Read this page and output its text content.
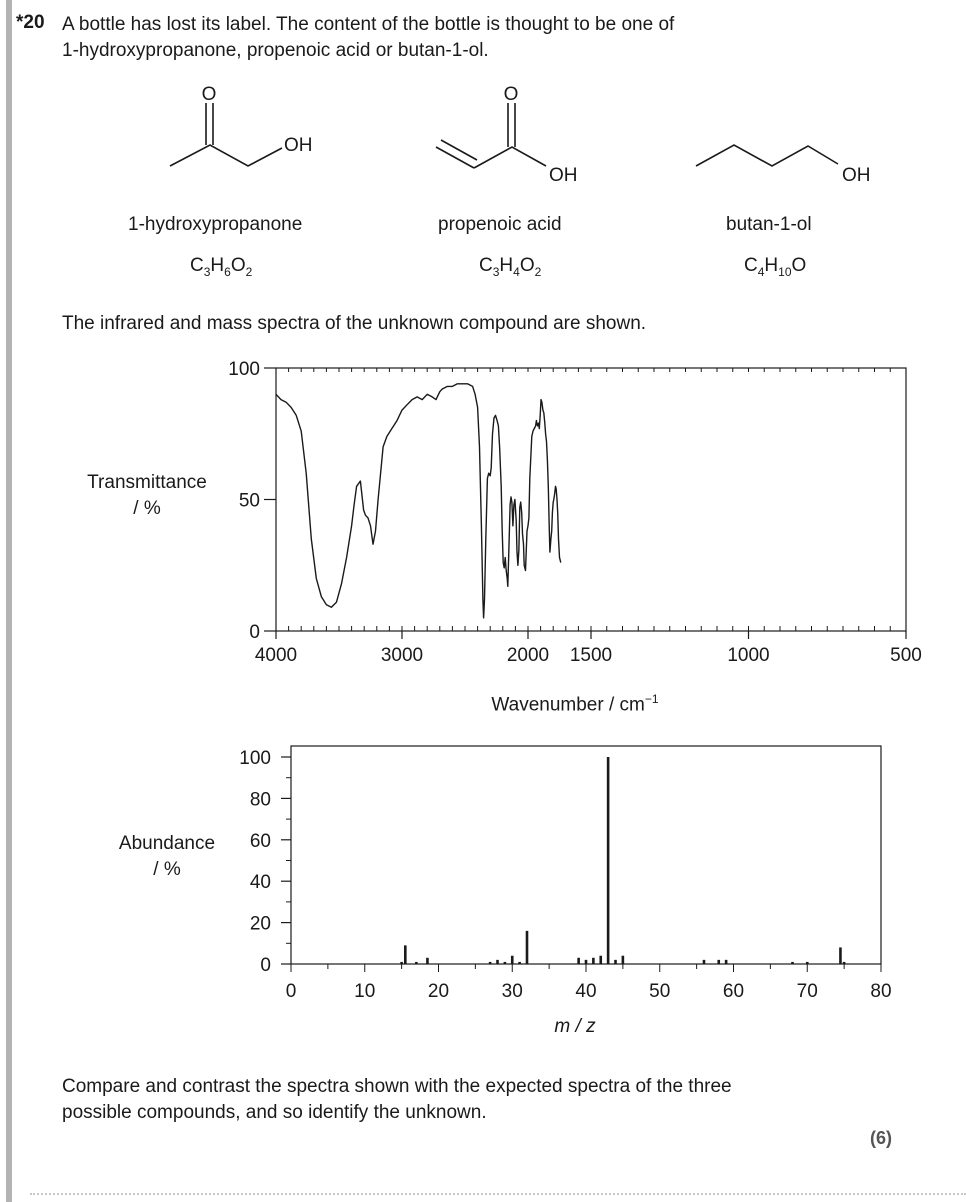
*20 A bottle has lost its label. The content of the bottle is thought to be one of
1-hydroxypropanone, propenoic acid or butan-1-ol.
O
OH
O
OH	OH
1-hydroxypropanone	propenoic acid	butan-1-ol
$C_3H_6O_2$	$C_3H_4O_2$	$C_4H_{10}O$
The infrared and mass spectra of the unknown compound are shown.
Transmittance
/ %
4000	3000	2000 1500	1000	500
0
50
100
Wavenumber / $cm^{-1}$
Abundance
/ %
0	10	20	30	40	50	60	70	80
0
20
40
60
80
100
m / z
Compare and contrast the spectra shown with the expected spectra of the three
possible compounds, and so identify the unknown.
(6)
